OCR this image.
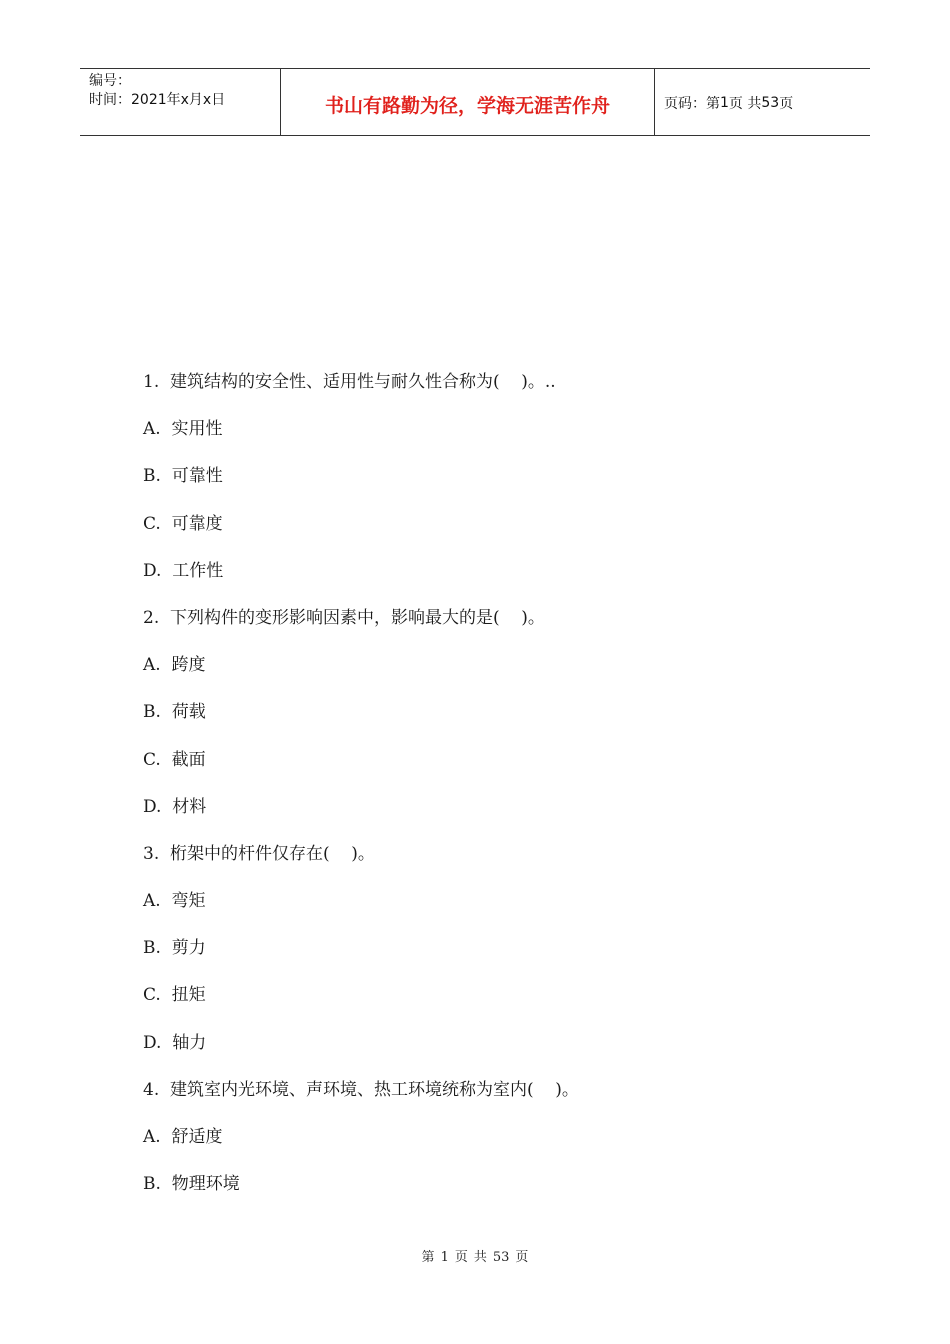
编号：
时间：2021年x月x日	书山有路勤为径，学海无涯苦作舟	页码：第 1 页 共 53 页
1.  建筑结构的安全性、适用性与耐久性合称为(    )。..
A.  实用性
B.  可靠性
C.  可靠度
D.  工作性
2.  下列构件的变形影响因素中，影响最大的是(    )。
A.  跨度
B.  荷载
C.  截面
D.  材料
3.  桁架中的杆件仅存在(    )。
A.  弯矩
B.  剪力
C.  扭矩
D.  轴力
4.  建筑室内光环境、声环境、热工环境统称为室内(    )。
A.  舒适度
B.  物理环境
第 1 页 共 53 页
